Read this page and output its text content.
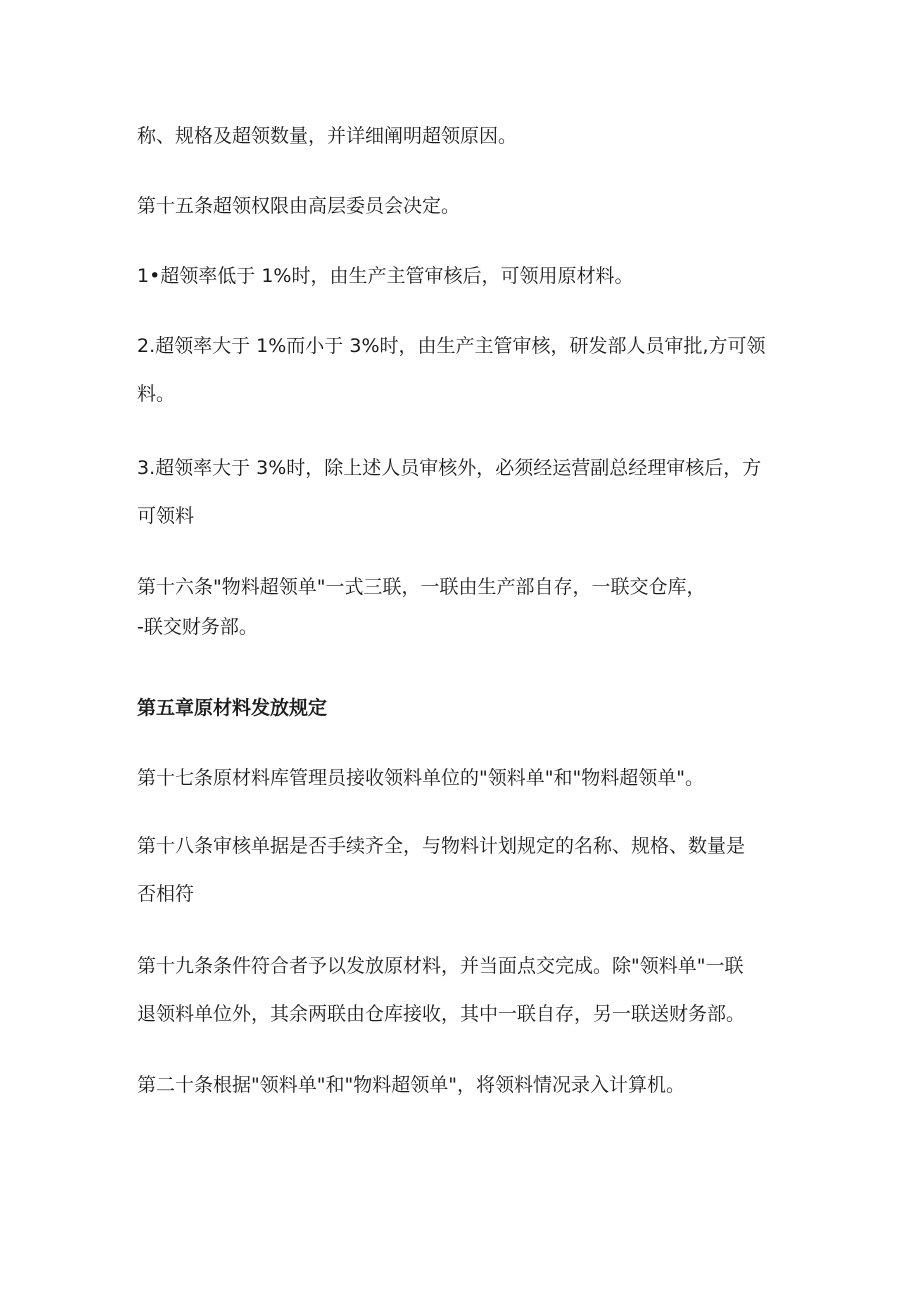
称、规格及超领数量，并详细阐明超领原因。

第十五条超领权限由高层委员会决定。

1•超领率低于 1%时，由生产主管审核后，可领用原材料。

2.超领率大于 1%而小于 3%时，由生产主管审核，研发部人员审批,方可领
料。

3.超领率大于 3%时，除上述人员审核外，必须经运营副总经理审核后，方
可领料

第十六条"物料超领单"一式三联，一联由生产部自存，一联交仓库，
-联交财务部。

第五章原材料发放规定

第十七条原材料库管理员接收领料单位的"领料单"和"物料超领单"。

第十八条审核单据是否手续齐全，与物料计划规定的名称、规格、数量是
否相符

第十九条条件符合者予以发放原材料，并当面点交完成。除"领料单"一联
退领料单位外，其余两联由仓库接收，其中一联自存，另一联送财务部。

第二十条根据"领料单"和"物料超领单"，将领料情况录入计算机。
